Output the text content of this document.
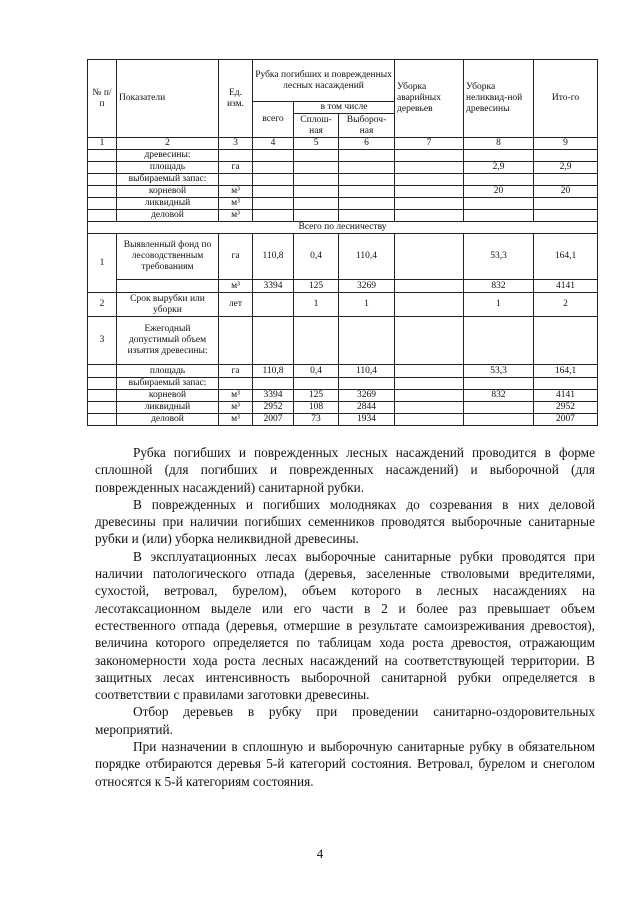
№ п/п	Показатели	Ед. изм.	Рубка погибших и поврежденных лесных насаждений			Уборка аварийных деревьев	Уборка неликвид-ной древесины	Ито-го
			всего	в том числе				
				Сплош-ная	Выбороч-ная			
1	2	3	4	5	6	7	8	9
	древесины:							
	площадь	га					2,9	2,9
	выбираемый запас:							
	корневой	м³					20	20
	ликвидный	м³						
	деловой	м³						
Всего по лесничеству								
1	Выявленный фонд по лесоводственным требованиям	га	110,8	0,4	110,4		53,3	164,1
		м³	3394	125	3269		832	4141
2	Срок вырубки или уборки	лет		1	1		1	2
3	Ежегодный допустимый объем изъятия древесины:							
	площадь	га	110,8	0,4	110,4		53,3	164,1
	выбираемый запас:							
	корневой	м³	3394	125	3269		832	4141
	ликвидный	м³	2952	108	2844			2952
	деловой	м³	2007	73	1934			2007

Рубка погибших и поврежденных лесных насаждений проводится в форме сплошной (для погибших и поврежденных насаждений) и выборочной (для поврежденных насаждений) санитарной рубки.

В поврежденных и погибших молодняках до созревания в них деловой древесины при наличии погибших семенников проводятся выборочные санитарные рубки и (или) уборка неликвидной древесины.

В эксплуатационных лесах выборочные санитарные рубки проводятся при наличии патологического отпада (деревья, заселенные стволовыми вредителями, сухостой, ветровал, бурелом), объем которого в лесных насаждениях на лесотаксационном выделе или его части в 2 и более раз превышает объем естественного отпада (деревья, отмершие в результате самоизреживания древостоя), величина которого определяется по таблицам хода роста древостоя, отражающим закономерности хода роста лесных насаждений на соответствующей территории. В защитных лесах интенсивность выборочной санитарной рубки определяется в соответствии с правилами заготовки древесины.

Отбор деревьев в рубку при проведении санитарно-оздоровительных мероприятий.

При назначении в сплошную и выборочную санитарные рубку в обязательном порядке отбираются деревья 5-й категорий состояния. Ветровал, бурелом и снеголом относятся к 5-й категориям состояния.

4
